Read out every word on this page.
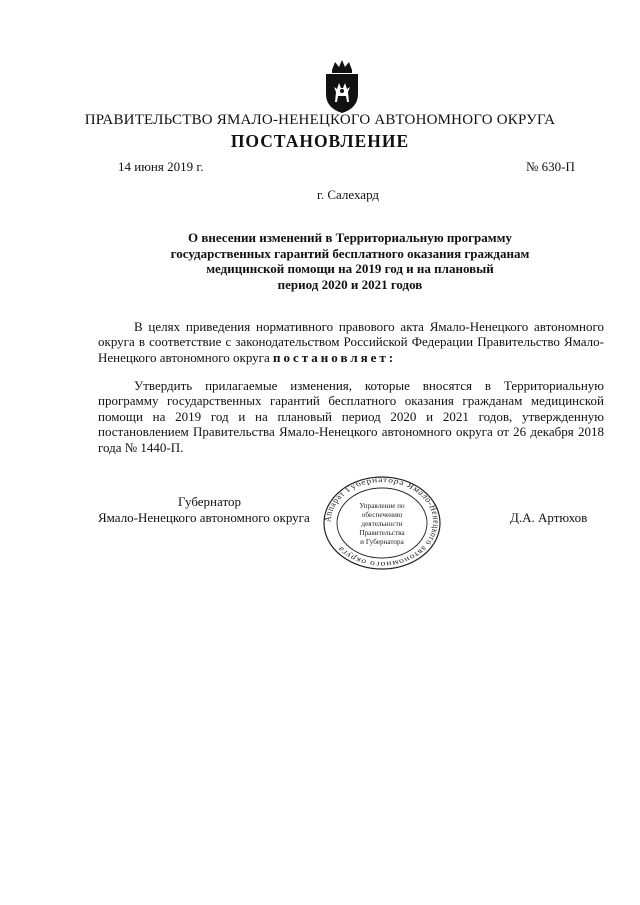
ПРАВИТЕЛЬСТВО ЯМАЛО-НЕНЕЦКОГО АВТОНОМНОГО ОКРУГА
ПОСТАНОВЛЕНИЕ
14 июня 2019 г.	№ 630-П
г. Салехард
О внесении изменений в Территориальную программу
государственных гарантий бесплатного оказания гражданам
медицинской помощи на 2019 год и на плановый
период 2020 и 2021 годов
В целях приведения нормативного правового акта Ямало-Ненецкого автономного округа в соответствие с законодательством Российской Федерации Правительство Ямало-Ненецкого автономного округа постановляет:
Утвердить прилагаемые изменения, которые вносятся в Территориальную программу государственных гарантий бесплатного оказания гражданам медицинской помощи на 2019 год и на плановый период 2020 и 2021 годов, утвержденную постановлением Правительства Ямало-Ненецкого автономного округа от 26 декабря 2018 года № 1440-П.
Губернатор
Ямало-Ненецкого автономного округа	Д.А. Артюхов
Аппарат Губернатора Ямало-Ненецкого автономного округа
Управление по
обеспечению
деятельности
Правительства
и Губернатора
